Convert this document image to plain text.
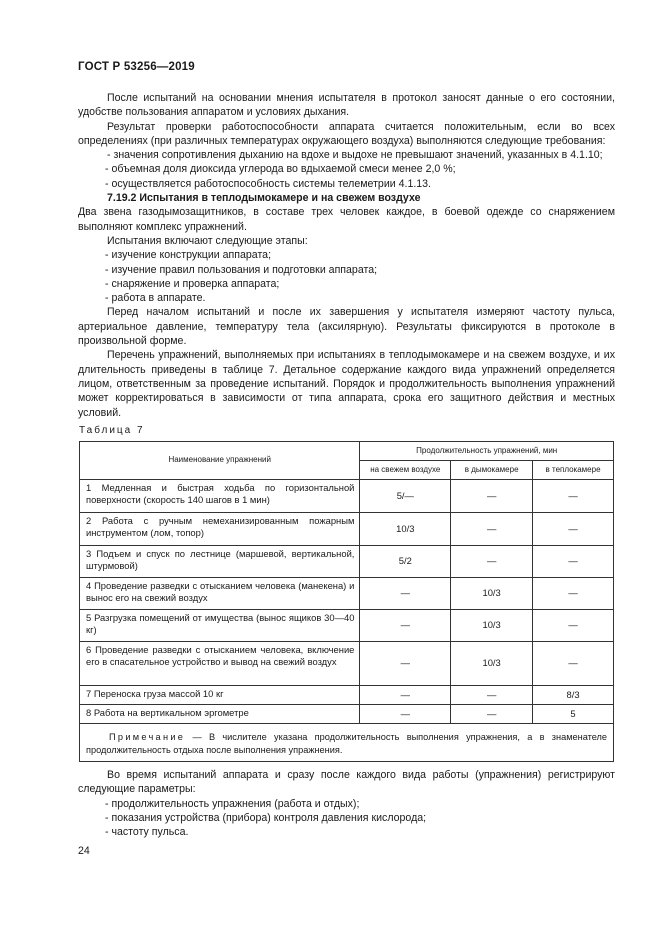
ГОСТ Р 53256—2019

После испытаний на основании мнения испытателя в протокол заносят данные о его состоянии, удобстве пользования аппаратом и условиях дыхания.

Результат проверки работоспособности аппарата считается положительным, если во всех определениях (при различных температурах окружающего воздуха) выполняются следующие требования:

- значения сопротивления дыханию на вдохе и выдохе не превышают значений, указанных в 4.1.10;

- объемная доля диоксида углерода во вдыхаемой смеси менее 2,0 %;

- осуществляется работоспособность системы телеметрии 4.1.13.

7.19.2 Испытания в теплодымокамере и на свежем воздухе

Два звена газодымозащитников, в составе трех человек каждое, в боевой одежде со снаряжением выполняют комплекс упражнений.

Испытания включают следующие этапы:

- изучение конструкции аппарата;

- изучение правил пользования и подготовки аппарата;

- снаряжение и проверка аппарата;

- работа в аппарате.

Перед началом испытаний и после их завершения у испытателя измеряют частоту пульса, артериальное давление, температуру тела (аксилярную). Результаты фиксируются в протоколе в произвольной форме.

Перечень упражнений, выполняемых при испытаниях в теплодымокамере и на свежем воздухе, и их длительность приведены в таблице 7. Детальное содержание каждого вида упражнений определяется лицом, ответственным за проведение испытаний. Порядок и продолжительность выполнения упражнений может корректироваться в зависимости от типа аппарата, срока его защитного действия и местных условий.

Таблица 7
Наименование упражнений	Продолжительность упражнений, мин		
	на свежем воздухе	в дымокамере	в теплокамере
1 Медленная и быстрая ходьба по горизонтальной поверхности (скорость 140 шагов в 1 мин)	5/—	—	—
2 Работа с ручным немеханизированным пожарным инструментом (лом, топор)	10/3	—	—
3 Подъем и спуск по лестнице (маршевой, вертикальной, штурмовой)	5/2	—	—
4 Проведение разведки с отысканием человека (манекена) и вынос его на свежий воздух	—	10/3	—
5 Разгрузка помещений от имущества (вынос ящиков 30—40 кг)	—	10/3	—
6 Проведение разведки с отысканием человека, включение его в спасательное устройство и вывод на свежий воздух	—	10/3	—
7 Переноска груза массой 10 кг	—	—	8/3
8 Работа на вертикальном эргометре	—	—	5
Примечание — В числителе указана продолжительность выполнения упражнения, а в знаменателе продолжительность отдыха после выполнения упражнения.			

Во время испытаний аппарата и сразу после каждого вида работы (упражнения) регистрируют следующие параметры:

- продолжительность упражнения (работа и отдых);

- показания устройства (прибора) контроля давления кислорода;

- частоту пульса.

24
